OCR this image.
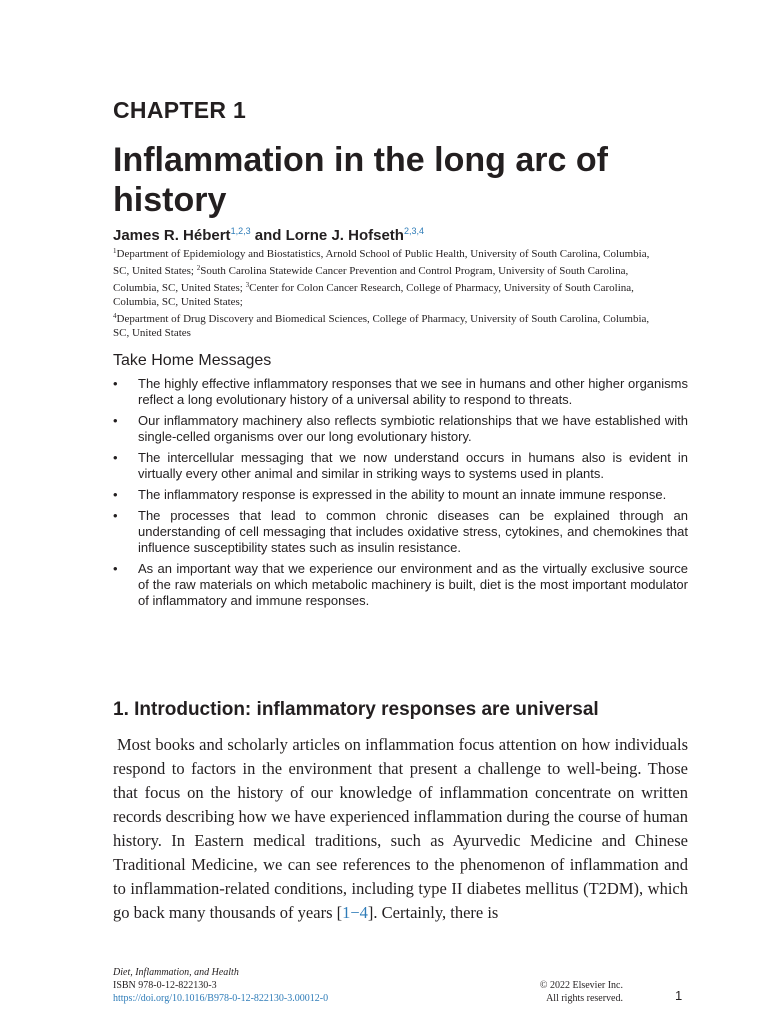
CHAPTER 1
Inflammation in the long arc of history
James R. Hébert$^{1,2,3}$ and Lorne J. Hofseth$^{2,3,4}$
$^1$Department of Epidemiology and Biostatistics, Arnold School of Public Health, University of South Carolina, Columbia, SC, United States; $^2$South Carolina Statewide Cancer Prevention and Control Program, University of South Carolina, Columbia, SC, United States; $^3$Center for Colon Cancer Research, College of Pharmacy, University of South Carolina, Columbia, SC, United States;
$^4$Department of Drug Discovery and Biomedical Sciences, College of Pharmacy, University of South Carolina, Columbia, SC, United States
Take Home Messages
• The highly effective inflammatory responses that we see in humans and other higher organisms reflect a long evolutionary history of a universal ability to respond to threats.
• Our inflammatory machinery also reflects symbiotic relationships that we have established with single-celled organisms over our long evolutionary history.
• The intercellular messaging that we now understand occurs in humans also is evident in virtually every other animal and similar in striking ways to systems used in plants.
• The inflammatory response is expressed in the ability to mount an innate immune response.
• The processes that lead to common chronic diseases can be explained through an understanding of cell messaging that includes oxidative stress, cytokines, and chemokines that influence susceptibility states such as insulin resistance.
• As an important way that we experience our environment and as the virtually exclusive source of the raw materials on which metabolic machinery is built, diet is the most important modulator of inflammatory and immune responses.
1. Introduction: inflammatory responses are universal

Most books and scholarly articles on inflammation focus attention on how individuals respond to factors in the environment that present a challenge to well-being. Those that focus on the history of our knowledge of inflammation concentrate on written records describing how we have experienced inflammation during the course of human history. In Eastern medical traditions, such as Ayurvedic Medicine and Chinese Traditional Medicine, we can see references to the phenomenon of inflammation and to inflammation-related conditions, including type II diabetes mellitus (T2DM), which go back many thousands of years [1−4]. Certainly, there is

Diet, Inflammation, and Health
ISBN 978-0-12-822130-3
https://doi.org/10.1016/B978-0-12-822130-3.00012-0
© 2022 Elsevier Inc.
All rights reserved.	1
